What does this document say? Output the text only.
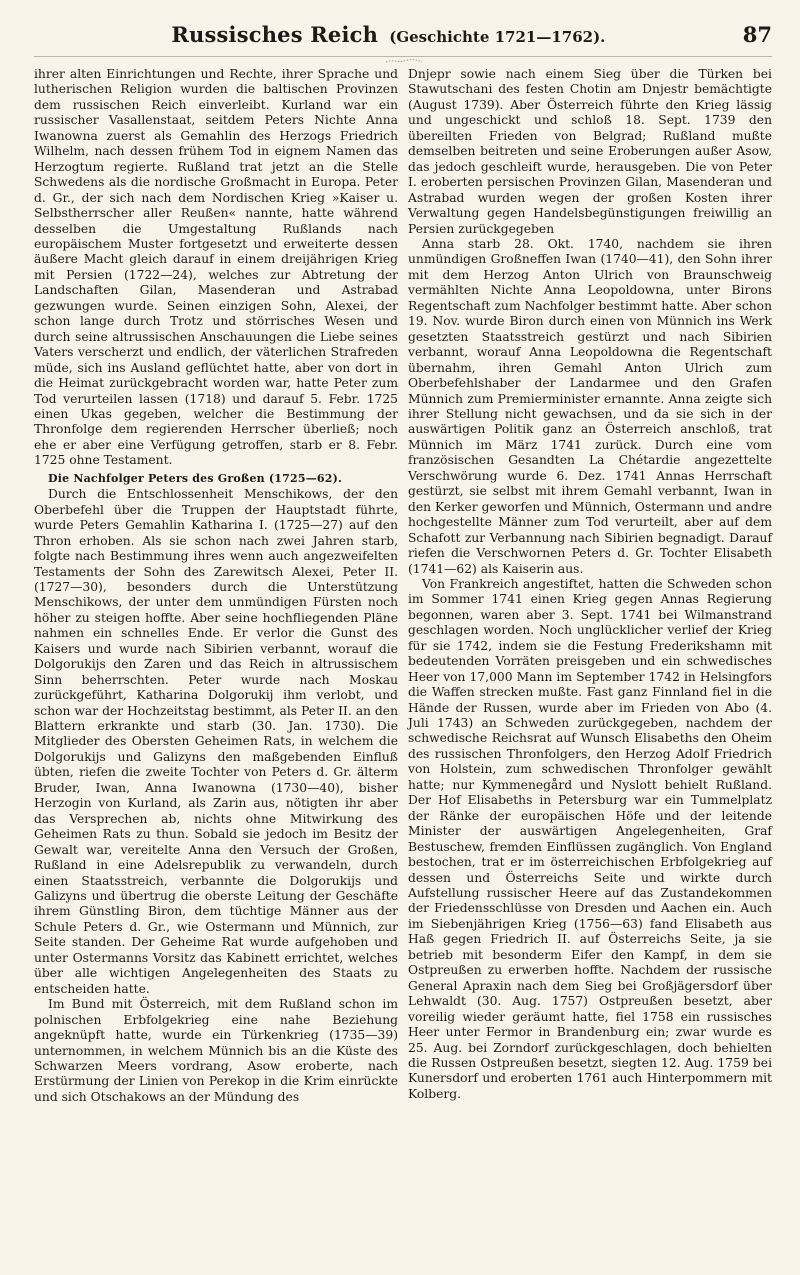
Russisches Reich (Geschichte 1721—1762).	87

ihrer alten Einrichtungen und Rechte, ihrer Sprache und lutherischen Religion wurden die baltischen Provinzen dem russischen Reich einverleibt. Kurland war ein russischer Vasallenstaat, seitdem Peters Nichte Anna Iwanowna zuerst als Gemahlin des Herzogs Friedrich Wilhelm, nach dessen frühem Tod in eignem Namen das Herzogtum regierte. Rußland trat jetzt an die Stelle Schwedens als die nordische Großmacht in Europa. Peter d. Gr., der sich nach dem Nordischen Krieg »Kaiser u. Selbstherrscher aller Reußen« nannte, hatte während desselben die Umgestaltung Rußlands nach europäischem Muster fortgesetzt und erweiterte dessen äußere Macht gleich darauf in einem dreijährigen Krieg mit Persien (1722—24), welches zur Abtretung der Landschaften Gilan, Masenderan und Astrabad gezwungen wurde. Seinen einzigen Sohn, Alexei, der schon lange durch Trotz und störrisches Wesen und durch seine altrussischen Anschauungen die Liebe seines Vaters verscherzt und endlich, der väterlichen Strafreden müde, sich ins Ausland geflüchtet hatte, aber von dort in die Heimat zurückgebracht worden war, hatte Peter zum Tod verurteilen lassen (1718) und darauf 5. Febr. 1725 einen Ukas gegeben, welcher die Bestimmung der Thronfolge dem regierenden Herrscher überließ; noch ehe er aber eine Verfügung getroffen, starb er 8. Febr. 1725 ohne Testament.

Die Nachfolger Peters des Großen (1725—62).

Durch die Entschlossenheit Menschikows, der den Oberbefehl über die Truppen der Hauptstadt führte, wurde Peters Gemahlin Katharina I. (1725—27) auf den Thron erhoben. Als sie schon nach zwei Jahren starb, folgte nach Bestimmung ihres wenn auch angezweifelten Testaments der Sohn des Zarewitsch Alexei, Peter II. (1727—30), besonders durch die Unterstützung Menschikows, der unter dem unmündigen Fürsten noch höher zu steigen hoffte. Aber seine hochfliegenden Pläne nahmen ein schnelles Ende. Er verlor die Gunst des Kaisers und wurde nach Sibirien verbannt, worauf die Dolgorukijs den Zaren und das Reich in altrussischem Sinn beherrschten. Peter wurde nach Moskau zurückgeführt, Katharina Dolgorukij ihm verlobt, und schon war der Hochzeitstag bestimmt, als Peter II. an den Blattern erkrankte und starb (30. Jan. 1730). Die Mitglieder des Obersten Geheimen Rats, in welchem die Dolgorukijs und Galizyns den maßgebenden Einfluß übten, riefen die zweite Tochter von Peters d. Gr. älterm Bruder, Iwan, Anna Iwanowna (1730—40), bisher Herzogin von Kurland, als Zarin aus, nötigten ihr aber das Versprechen ab, nichts ohne Mitwirkung des Geheimen Rats zu thun. Sobald sie jedoch im Besitz der Gewalt war, vereitelte Anna den Versuch der Großen, Rußland in eine Adelsrepublik zu verwandeln, durch einen Staatsstreich, verbannte die Dolgorukijs und Galizyns und übertrug die oberste Leitung der Geschäfte ihrem Günstling Biron, dem tüchtige Männer aus der Schule Peters d. Gr., wie Ostermann und Münnich, zur Seite standen. Der Geheime Rat wurde aufgehoben und unter Ostermanns Vorsitz das Kabinett errichtet, welches über alle wichtigen Angelegenheiten des Staats zu entscheiden hatte.

Im Bund mit Österreich, mit dem Rußland schon im polnischen Erbfolgekrieg eine nahe Beziehung angeknüpft hatte, wurde ein Türkenkrieg (1735—39) unternommen, in welchem Münnich bis an die Küste des Schwarzen Meers vordrang, Asow eroberte, nach Erstürmung der Linien von Perekop in die Krim einrückte und sich Otschakows an der Mündung des

Dnjepr sowie nach einem Sieg über die Türken bei Stawutschani des festen Chotin am Dnjestr bemächtigte (August 1739). Aber Österreich führte den Krieg lässig und ungeschickt und schloß 18. Sept. 1739 den übereilten Frieden von Belgrad; Rußland mußte demselben beitreten und seine Eroberungen außer Asow, das jedoch geschleift wurde, herausgeben. Die von Peter I. eroberten persischen Provinzen Gilan, Masenderan und Astrabad wurden wegen der großen Kosten ihrer Verwaltung gegen Handelsbegünstigungen freiwillig an Persien zurückgegeben

Anna starb 28. Okt. 1740, nachdem sie ihren unmündigen Großneffen Iwan (1740—41), den Sohn ihrer mit dem Herzog Anton Ulrich von Braunschweig vermählten Nichte Anna Leopoldowna, unter Birons Regentschaft zum Nachfolger bestimmt hatte. Aber schon 19. Nov. wurde Biron durch einen von Münnich ins Werk gesetzten Staatsstreich gestürzt und nach Sibirien verbannt, worauf Anna Leopoldowna die Regentschaft übernahm, ihren Gemahl Anton Ulrich zum Oberbefehlshaber der Landarmee und den Grafen Münnich zum Premierminister ernannte. Anna zeigte sich ihrer Stellung nicht gewachsen, und da sie sich in der auswärtigen Politik ganz an Österreich anschloß, trat Münnich im März 1741 zurück. Durch eine vom französischen Gesandten La Chétardie angezettelte Verschwörung wurde 6. Dez. 1741 Annas Herrschaft gestürzt, sie selbst mit ihrem Gemahl verbannt, Iwan in den Kerker geworfen und Münnich, Ostermann und andre hochgestellte Männer zum Tod verurteilt, aber auf dem Schafott zur Verbannung nach Sibirien begnadigt. Darauf riefen die Verschwornen Peters d. Gr. Tochter Elisabeth (1741—62) als Kaiserin aus.

Von Frankreich angestiftet, hatten die Schweden schon im Sommer 1741 einen Krieg gegen Annas Regierung begonnen, waren aber 3. Sept. 1741 bei Wilmanstrand geschlagen worden. Noch unglücklicher verlief der Krieg für sie 1742, indem sie die Festung Frederikshamn mit bedeutenden Vorräten preisgeben und ein schwedisches Heer von 17,000 Mann im September 1742 in Helsingfors die Waffen strecken mußte. Fast ganz Finnland fiel in die Hände der Russen, wurde aber im Frieden von Abo (4. Juli 1743) an Schweden zurückgegeben, nachdem der schwedische Reichsrat auf Wunsch Elisabeths den Oheim des russischen Thronfolgers, den Herzog Adolf Friedrich von Holstein, zum schwedischen Thronfolger gewählt hatte; nur Kymmenegård und Nyslott behielt Rußland. Der Hof Elisabeths in Petersburg war ein Tummelplatz der Ränke der europäischen Höfe und der leitende Minister der auswärtigen Angelegenheiten, Graf Bestuschew, fremden Einflüssen zugänglich. Von England bestochen, trat er im österreichischen Erbfolgekrieg auf dessen und Österreichs Seite und wirkte durch Aufstellung russischer Heere auf das Zustandekommen der Friedensschlüsse von Dresden und Aachen ein. Auch im Siebenjährigen Krieg (1756—63) fand Elisabeth aus Haß gegen Friedrich II. auf Österreichs Seite, ja sie betrieb mit besonderm Eifer den Kampf, in dem sie Ostpreußen zu erwerben hoffte. Nachdem der russische General Apraxin nach dem Sieg bei Großjägersdorf über Lehwaldt (30. Aug. 1757) Ostpreußen besetzt, aber voreilig wieder geräumt hatte, fiel 1758 ein russisches Heer unter Fermor in Brandenburg ein; zwar wurde es 25. Aug. bei Zorndorf zurückgeschlagen, doch behielten die Russen Ostpreußen besetzt, siegten 12. Aug. 1759 bei Kunersdorf und eroberten 1761 auch Hinterpommern mit Kolberg.
